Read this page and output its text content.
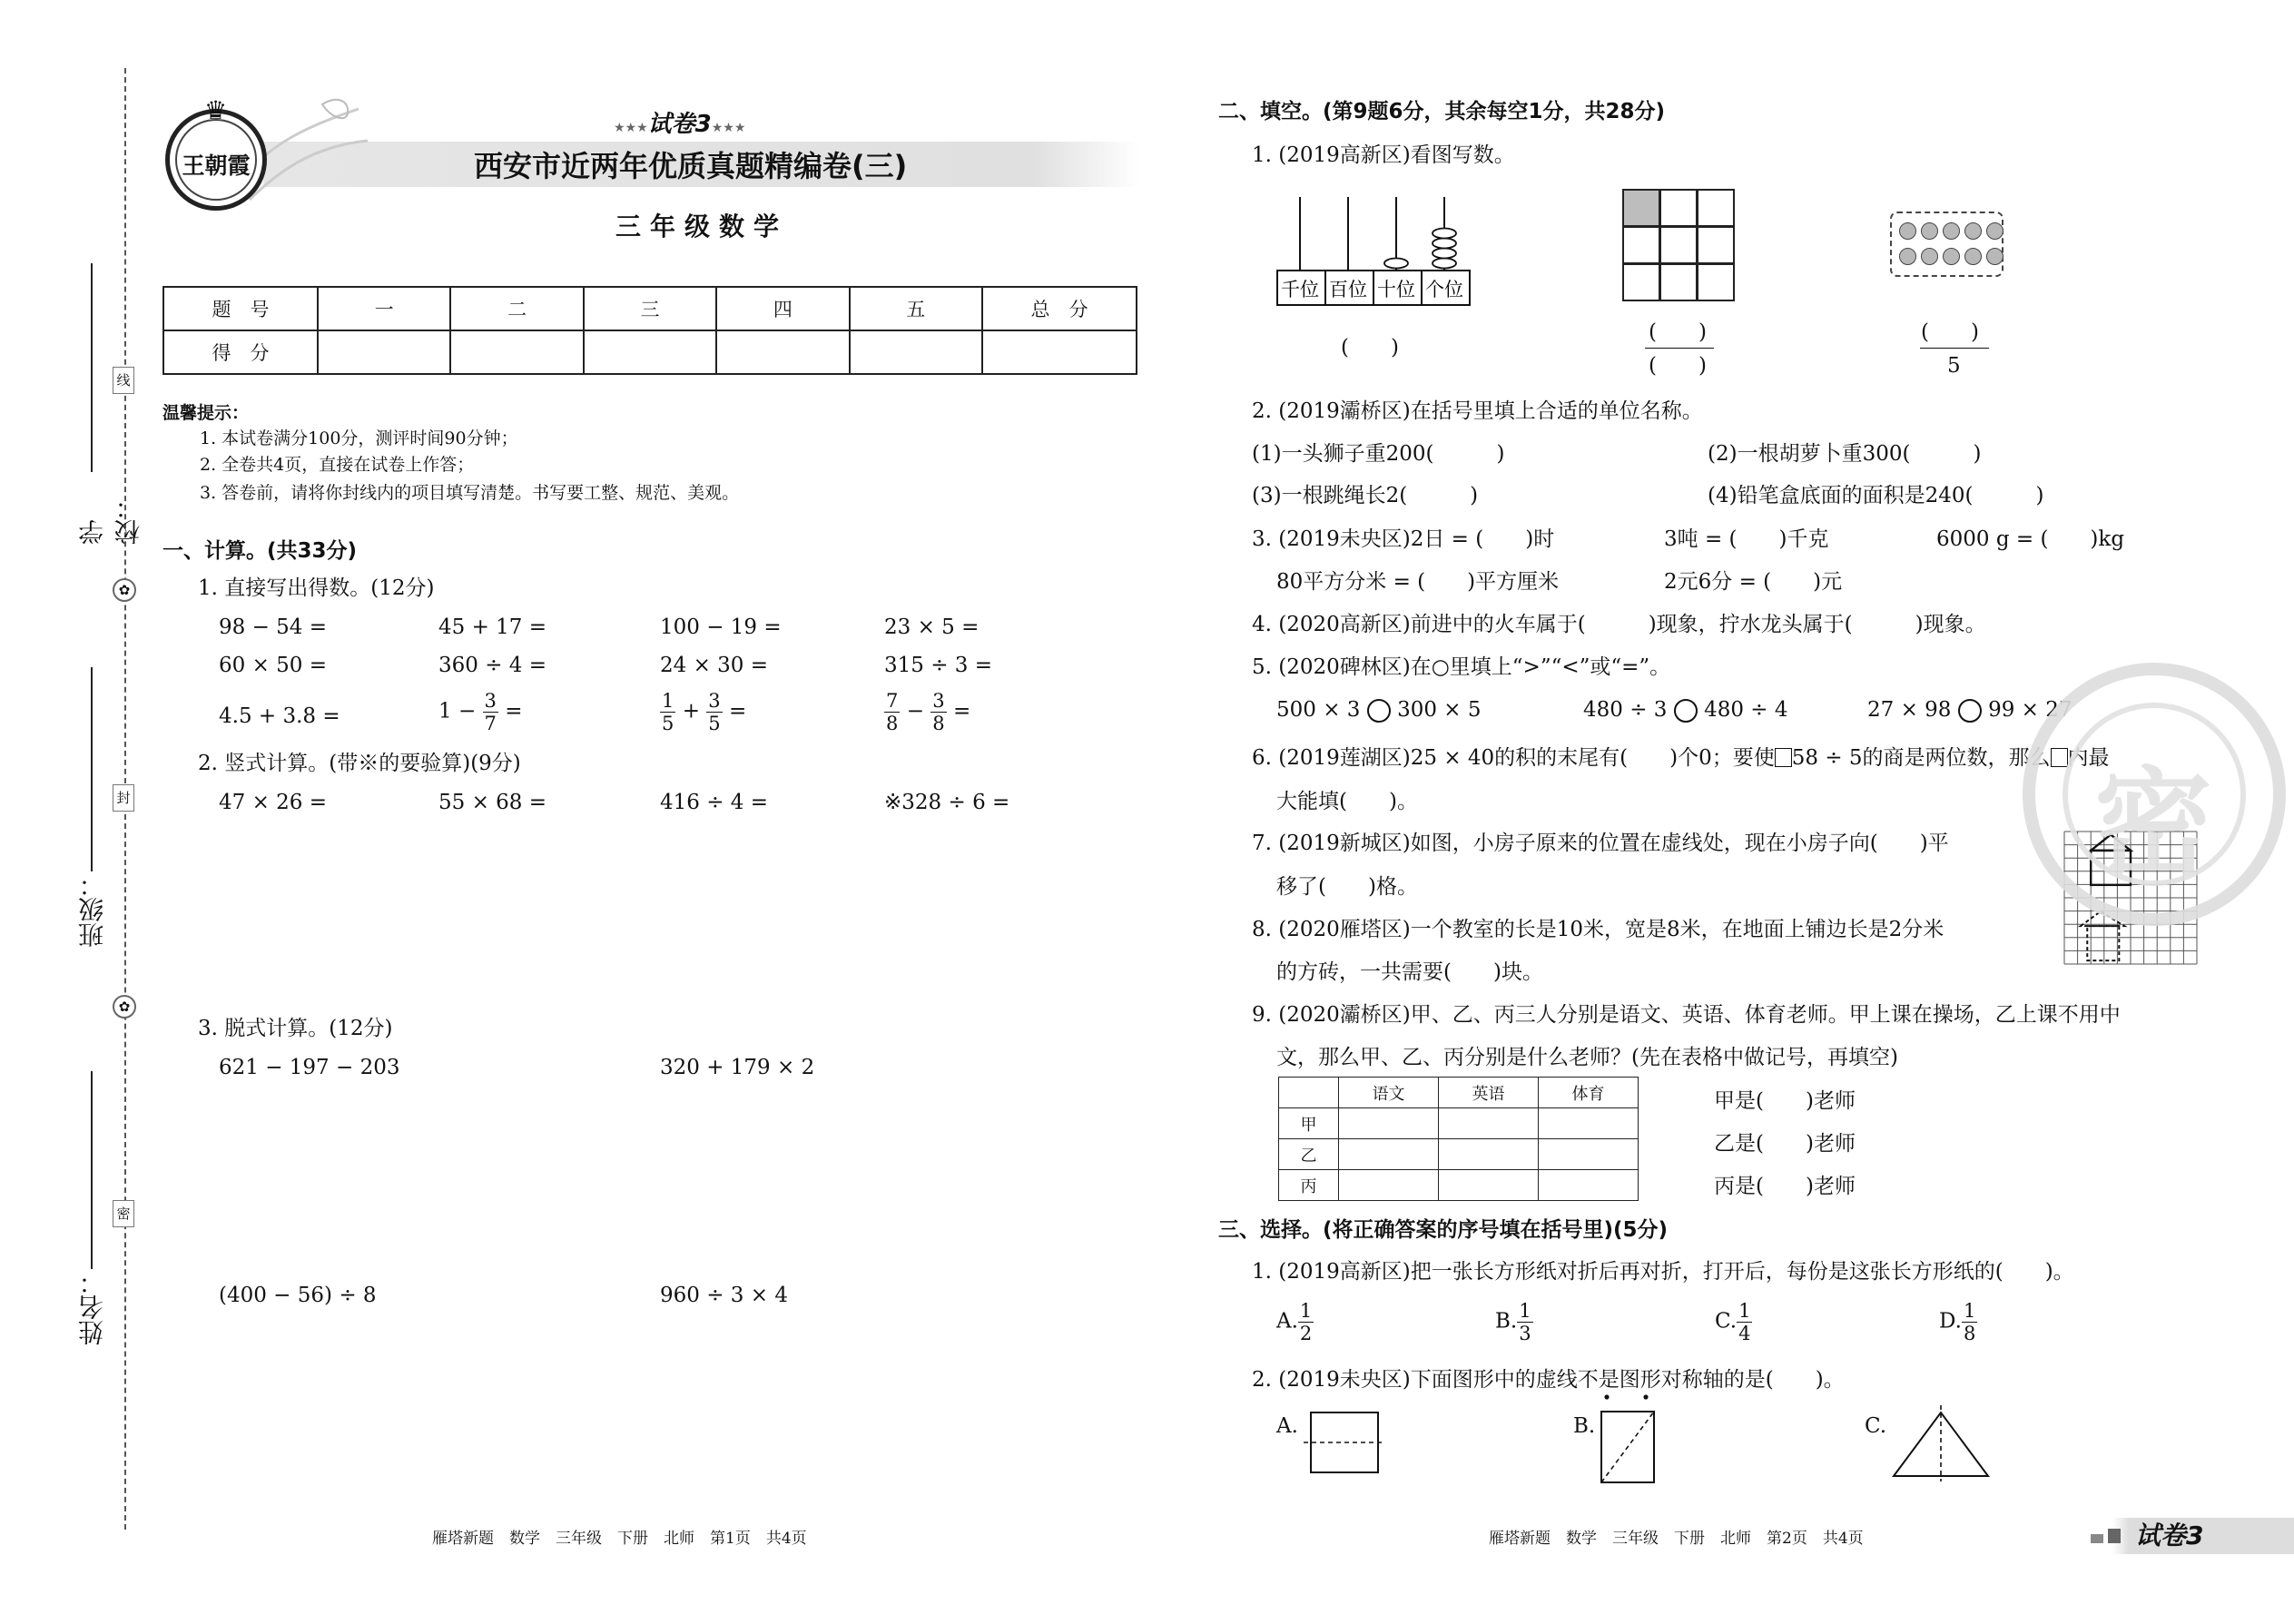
线
封
密
✿
✿
学校：
班级：
姓名：
♛
王朝霞
★★★试卷3★★★
西安市近两年优质真题精编卷(三)
三年级数学
题　号	一	二	三	四	五	总　分
得　分						
温馨提示：
1. 本试卷满分100分，测评时间90分钟；
2. 全卷共4页，直接在试卷上作答；
3. 答卷前，请将你封线内的项目填写清楚。书写要工整、规范、美观。
一、计算。(共33分)
1. 直接写出得数。(12分)
98 − 54 =	45 + 17 =	100 − 19 =	23 × 5 =
60 × 50 =	360 ÷ 4 =	24 × 30 =	315 ÷ 3 =
4.5 + 3.8 =	$1 - \frac{3}{7}$ =	$\frac{1}{5} + \frac{3}{5}$ =	$\frac{7}{8} - \frac{3}{8}$ =
2. 竖式计算。(带※的要验算)(9分)
47 × 26 =	55 × 68 =	416 ÷ 4 =	※328 ÷ 6 =
3. 脱式计算。(12分)
621 − 197 − 203	320 + 179 × 2
(400 − 56) ÷ 8	960 ÷ 3 × 4
雁塔新题　数学　三年级　下册　北师　第1页　共4页	雁塔新题　数学　三年级　下册　北师　第2页　共4页	试卷3
二、填空。(第9题6分，其余每空1分，共28分)
1. (2019高新区)看图写数。
千位 百位 十位 个位
(　　)
(　　)
(　　)
(　　)
5
2. (2019灞桥区)在括号里填上合适的单位名称。
(1)一头狮子重200(　　　)	(2)一根胡萝卜重300(　　　)
(3)一根跳绳长2(　　　)	(4)铅笔盒底面的面积是240(　　　)
3. (2019未央区)2日 = (　　)时	3吨 = (　　)千克	6000 g = (　　)kg
80平方分米 = (　　)平方厘米	2元6分 = (　　)元
4. (2020高新区)前进中的火车属于(　　　)现象，拧水龙头属于(　　　)现象。
5. (2020碑林区)在○里填上“>”“<”或“=”。
500 × 3 300 × 5	480 ÷ 3 480 ÷ 4	27 × 98 99 × 27
6. (2019莲湖区)25 × 40的积的末尾有(　　)个0；要使 58 ÷ 5的商是两位数，那么 内最
大能填(　　)。
7. (2019新城区)如图，小房子原来的位置在虚线处，现在小房子向(　　)平
移了(　　)格。
8. (2020雁塔区)一个教室的长是10米，宽是8米，在地面上铺边长是2分米
的方砖，一共需要(　　)块。
9. (2020灞桥区)甲、乙、丙三人分别是语文、英语、体育老师。甲上课在操场，乙上课不用中
文，那么甲、乙、丙分别是什么老师？(先在表格中做记号，再填空)
	语文	英语	体育
甲			
乙			
丙			
甲是(　　)老师
乙是(　　)老师
丙是(　　)老师
三、选择。(将正确答案的序号填在括号里)(5分)
1. (2019高新区)把一张长方形纸对折后再对折，打开后，每份是这张长方形纸的(　　)。
A. $\frac{1}{2}$	B. $\frac{1}{3}$	C. $\frac{1}{4}$	D. $\frac{1}{8}$
2. (2019未央区)下面图形中的虚线不是图形对称轴的是(　　)。
A.	B.	C.
密
